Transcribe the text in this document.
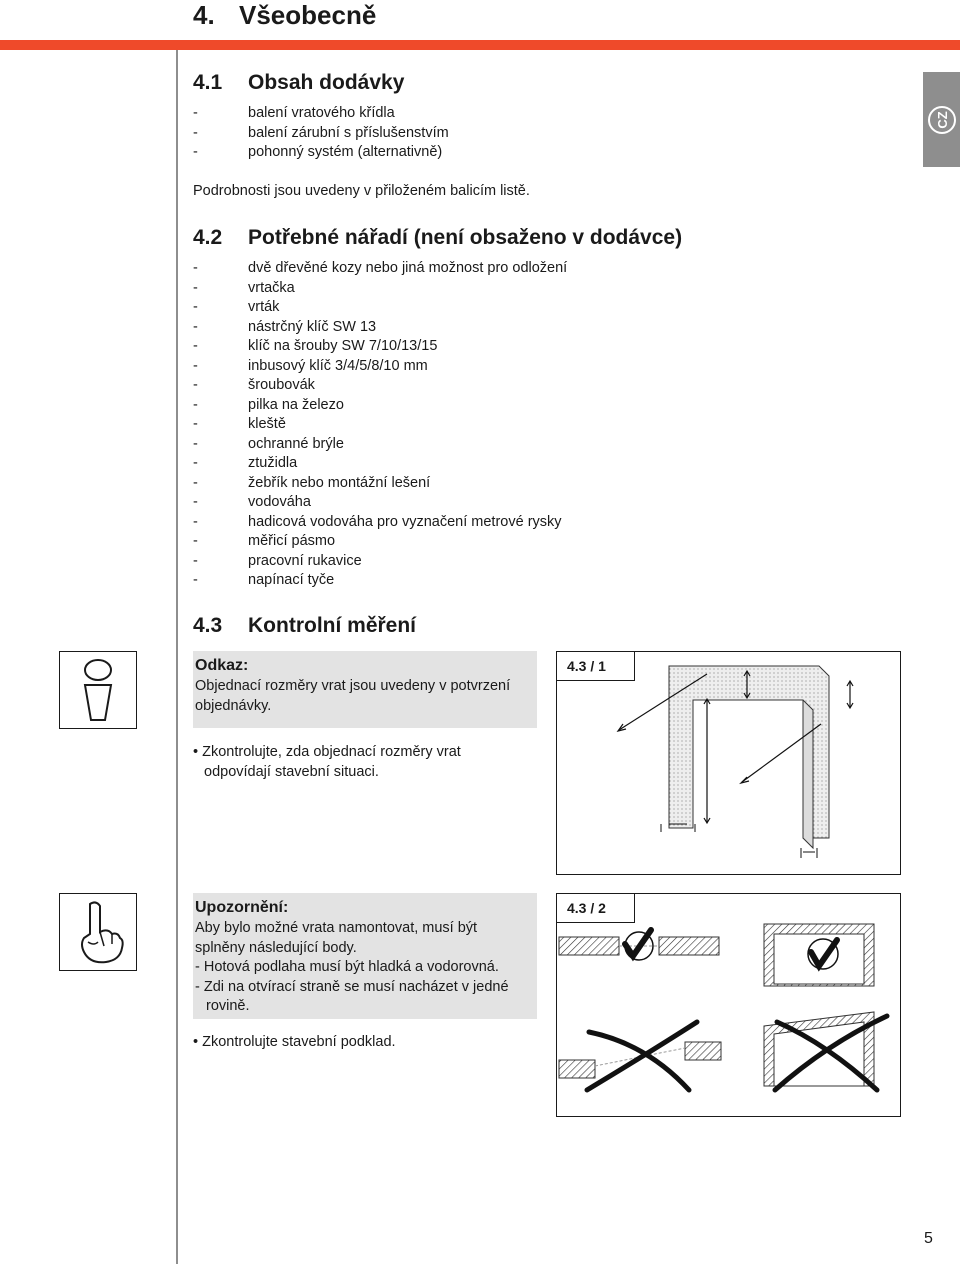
4. Všeobecně
CZ
4.1 Obsah dodávky
-	balení vratového křídla
-	balení zárubní s příslušenstvím
-	pohonný systém (alternativně)
Podrobnosti jsou uvedeny v přiloženém balicím listě.
4.2 Potřebné nářadí (není obsaženo v dodávce)
-	dvě dřevěné kozy nebo jiná možnost pro odložení
-	vrtačka
-	vrták
-	nástrčný klíč SW 13
-	klíč na šrouby SW 7/10/13/15
-	inbusový klíč 3/4/5/8/10 mm
-	šroubovák
-	pilka na železo
-	kleště
-	ochranné brýle
-	ztužidla
-	žebřík nebo montážní lešení
-	vodováha
-	hadicová vodováha pro vyznačení metrové rysky
-	měřicí pásmo
-	pracovní rukavice
-	napínací tyče
4.3 Kontrolní měření
Odkaz:
Objednací rozměry vrat jsou uvedeny v potvrzení
objednávky.
• Zkontrolujte, zda objednací rozměry vrat
odpovídají stavební situaci.
4.3 / 1
Upozornění:
Aby bylo možné vrata namontovat, musí být
splněny následující body.
- Hotová podlaha musí být hladká a vodorovná.
- Zdi na otvírací straně se musí nacházet v jedné
rovině.
• Zkontrolujte stavební podklad.
4.3 / 2
5
